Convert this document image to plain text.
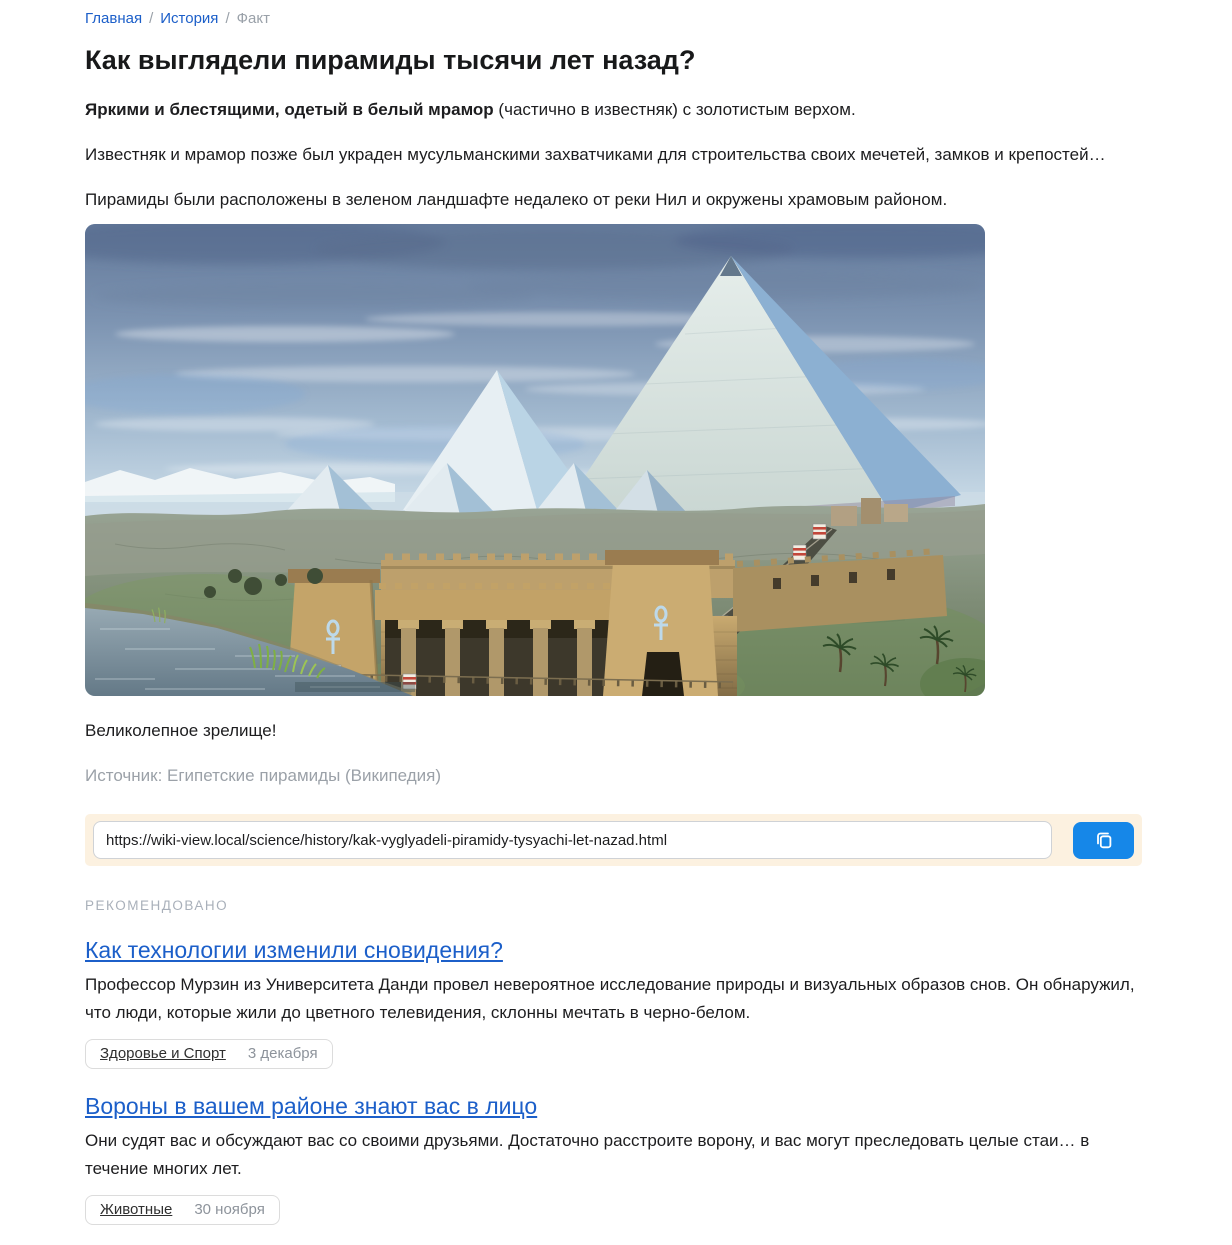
Главная / История / Факт
Как выглядели пирамиды тысячи лет назад?

Яркими и блестящими, одетый в белый мрамор (частично в известняк) с золотистым верхом.

Известняк и мрамор позже был украден мусульманскими захватчиками для строительства своих мечетей, замков и крепостей…

Пирамиды были расположены в зеленом ландшафте недалеко от реки Нил и окружены храмовым районом.

Великолепное зрелище!

Источник: Египетские пирамиды (Википедия)

https://wiki-view.local/science/history/kak-vyglyadeli-piramidy-tysyachi-let-nazad.html
РЕКОМЕНДОВАНО
Как технологии изменили сновидения?

Профессор Мурзин из Университета Данди провел невероятное исследование природы и визуальных образов снов. Он обнаружил, что люди, которые жили до цветного телевидения, склонны мечтать в черно-белом.

Здоровье и Спорт 3 декабря
Вороны в вашем районе знают вас в лицо

Они судят вас и обсуждают вас со своими друзьями. Достаточно расстроите ворону, и вас могут преследовать целые стаи… в течение многих лет.

Животные 30 ноября
